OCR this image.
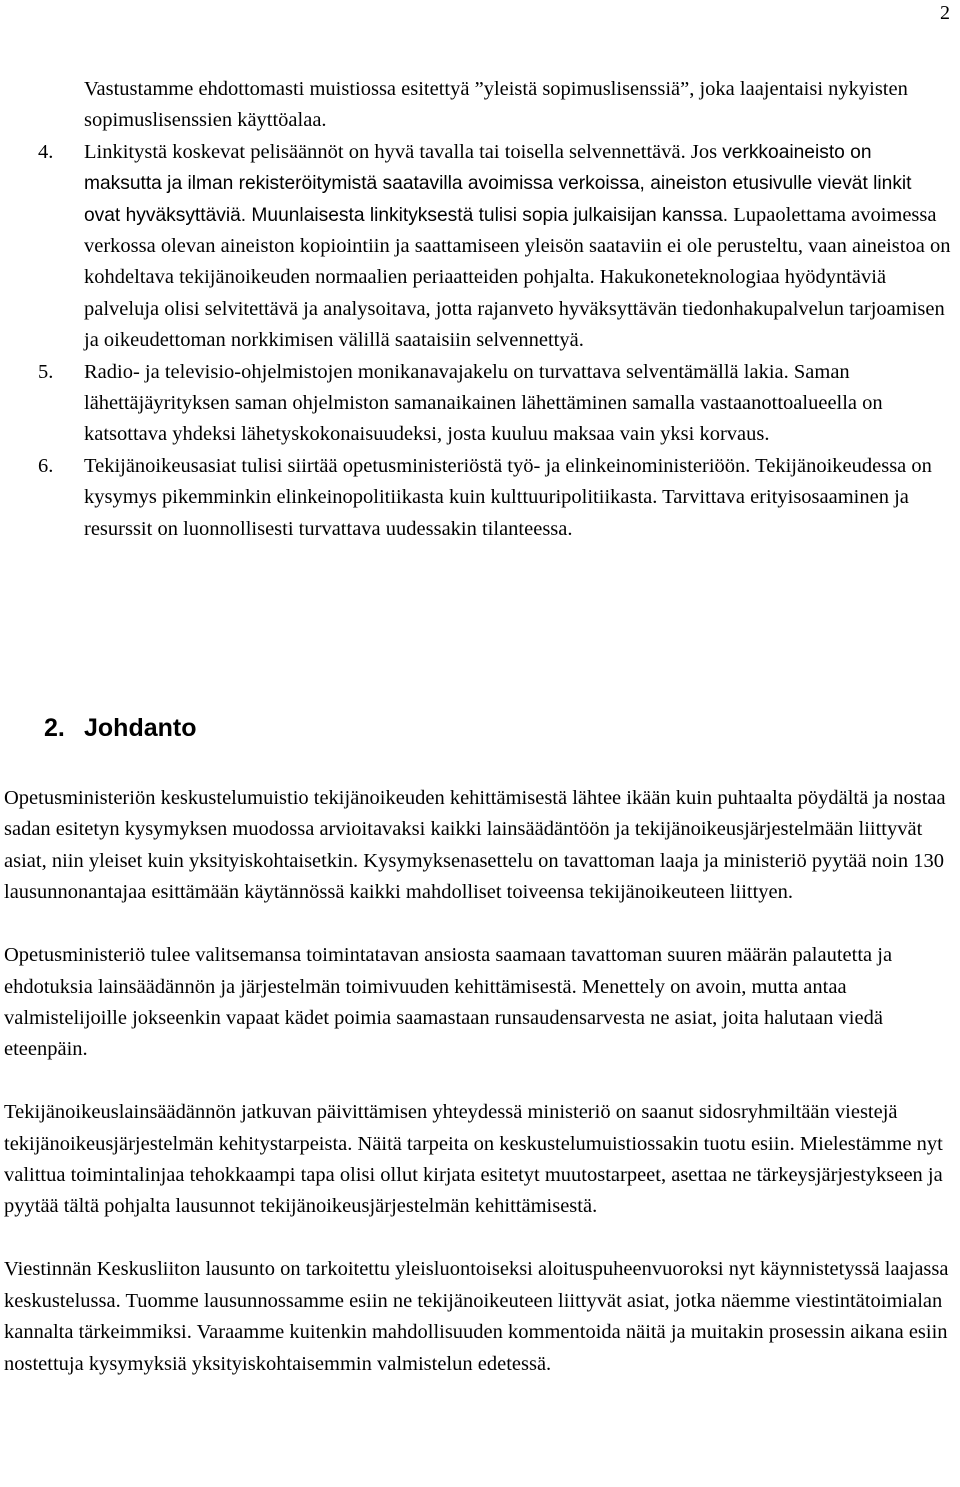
2
Vastustamme ehdottomasti muistiossa esitettyä ”yleistä sopimuslisenssiä”, joka laajentaisi nykyisten sopimuslisenssien käyttöalaa.
4. Linkitystä koskevat pelisäännöt on hyvä tavalla tai toisella selvennettävä. Jos verkkoaineisto on maksutta ja ilman rekisteröitymistä saatavilla avoimissa verkoissa, aineiston etusivulle vievät linkit ovat hyväksyttäviä. Muunlaisesta linkityksestä tulisi sopia julkaisijan kanssa. Lupaolettama avoimessa verkossa olevan aineiston kopiointiin ja saattamiseen yleisön saataviin ei ole perusteltu, vaan aineistoa on kohdeltava tekijänoikeuden normaalien periaatteiden pohjalta. Hakukoneteknologiaa hyödyntäviä palveluja olisi selvitettävä ja analysoitava, jotta rajanveto hyväksyttävän tiedonhakupalvelun tarjoamisen ja oikeudettoman norkkimisen välillä saataisiin selvennettyä.
5. Radio- ja televisio-ohjelmistojen monikanavajakelu on turvattava selventämällä lakia. Saman lähettäjäyrityksen saman ohjelmiston samanaikainen lähettäminen samalla vastaanottoalueella on katsottava yhdeksi lähetyskokonaisuudeksi, josta kuuluu maksaa vain yksi korvaus.
6. Tekijänoikeusasiat tulisi siirtää opetusministeriöstä työ- ja elinkeinoministeriöön. Tekijänoikeudessa on kysymys pikemminkin elinkeinopolitiikasta kuin kulttuuripolitiikasta. Tarvittava erityisosaaminen ja resurssit on luonnollisesti turvattava uudessakin tilanteessa.
2. Johdanto

Opetusministeriön keskustelumuistio tekijänoikeuden kehittämisestä lähtee ikään kuin puhtaalta pöydältä ja nostaa sadan esitetyn kysymyksen muodossa arvioitavaksi kaikki lainsäädäntöön ja tekijänoikeusjärjestelmään liittyvät asiat, niin yleiset kuin yksityiskohtaisetkin. Kysymyksenasettelu on tavattoman laaja ja ministeriö pyytää noin 130 lausunnonantajaa esittämään käytännössä kaikki mahdolliset toiveensa tekijänoikeuteen liittyen.

Opetusministeriö tulee valitsemansa toimintatavan ansiosta saamaan tavattoman suuren määrän palautetta ja ehdotuksia lainsäädännön ja järjestelmän toimivuuden kehittämisestä. Menettely on avoin, mutta antaa valmistelijoille jokseenkin vapaat kädet poimia saamastaan runsaudensarvesta ne asiat, joita halutaan viedä eteenpäin.

Tekijänoikeuslainsäädännön jatkuvan päivittämisen yhteydessä ministeriö on saanut sidosryhmiltään viestejä tekijänoikeusjärjestelmän kehitystarpeista. Näitä tarpeita on keskustelumuistiossakin tuotu esiin. Mielestämme nyt valittua toimintalinjaa tehokkaampi tapa olisi ollut kirjata esitetyt muutostarpeet, asettaa ne tärkeysjärjestykseen ja pyytää tältä pohjalta lausunnot tekijänoikeusjärjestelmän kehittämisestä.

Viestinnän Keskusliiton lausunto on tarkoitettu yleisluontoiseksi aloituspuheenvuoroksi nyt käynnistetyssä laajassa keskustelussa. Tuomme lausunnossamme esiin ne tekijänoikeuteen liittyvät asiat, jotka näemme viestintätoimialan kannalta tärkeimmiksi. Varaamme kuitenkin mahdollisuuden kommentoida näitä ja muitakin prosessin aikana esiin nostettuja kysymyksiä yksityiskohtaisemmin valmistelun edetessä.
